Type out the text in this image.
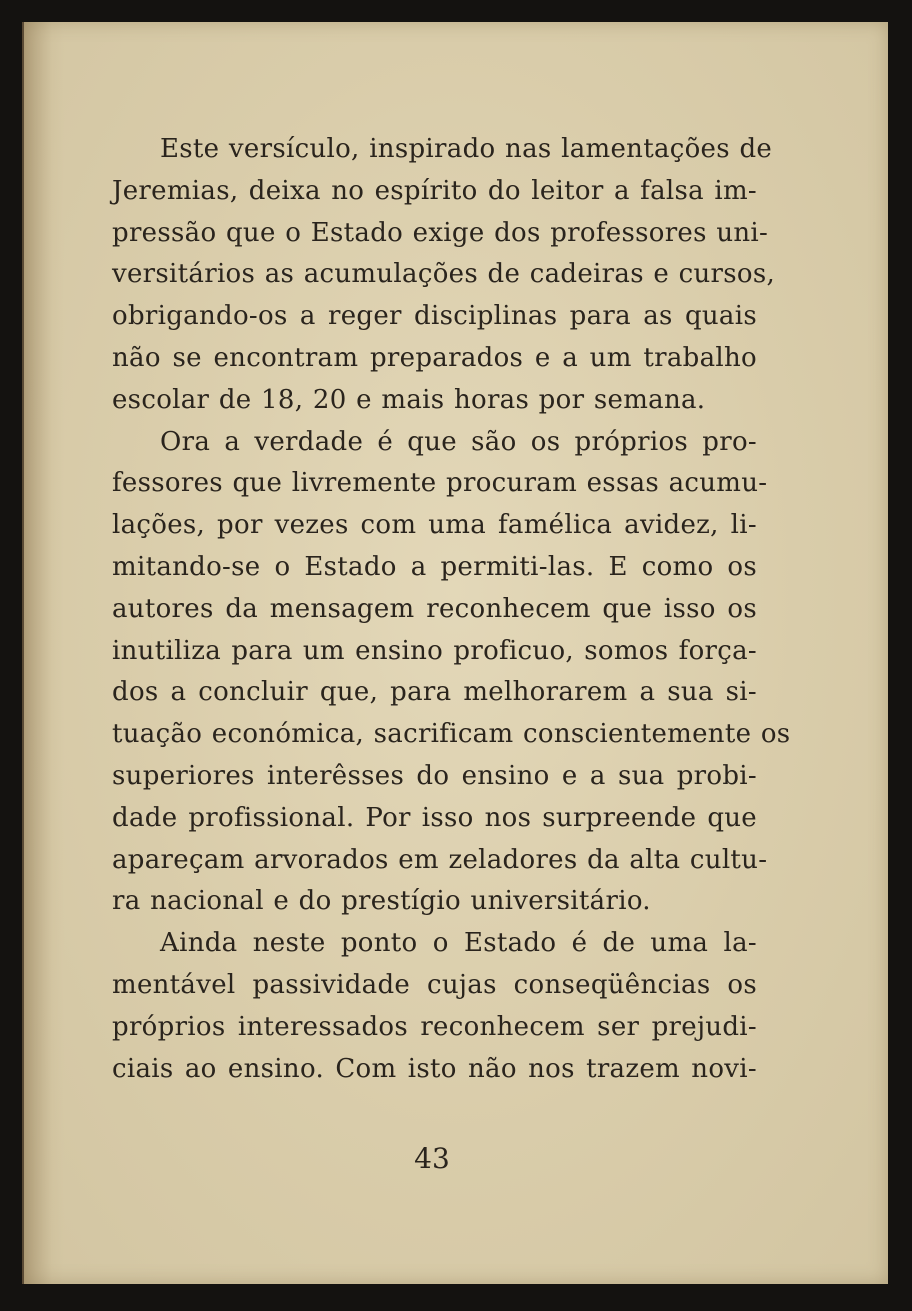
Este versículo, inspirado nas lamentações de
Jeremias, deixa no espírito do leitor a falsa im-
pressão que o Estado exige dos professores uni-
versitários as acumulações de cadeiras e cursos,
obrigando-os a reger disciplinas para as quais
não se encontram preparados e a um trabalho
escolar de 18, 20 e mais horas por semana.
Ora a verdade é que são os próprios pro-
fessores que livremente procuram essas acumu-
lações, por vezes com uma famélica avidez, li-
mitando-se o Estado a permiti-las. E como os
autores da mensagem reconhecem que isso os
inutiliza para um ensino proficuo, somos força-
dos a concluir que, para melhorarem a sua si-
tuação económica, sacrificam conscientemente os
superiores interêsses do ensino e a sua probi-
dade profissional. Por isso nos surpreende que
apareçam arvorados em zeladores da alta cultu-
ra nacional e do prestígio universitário.
Ainda neste ponto o Estado é de uma la-
mentável passividade cujas conseqüências os
próprios interessados reconhecem ser prejudi-
ciais ao ensino. Com isto não nos trazem novi-
43
